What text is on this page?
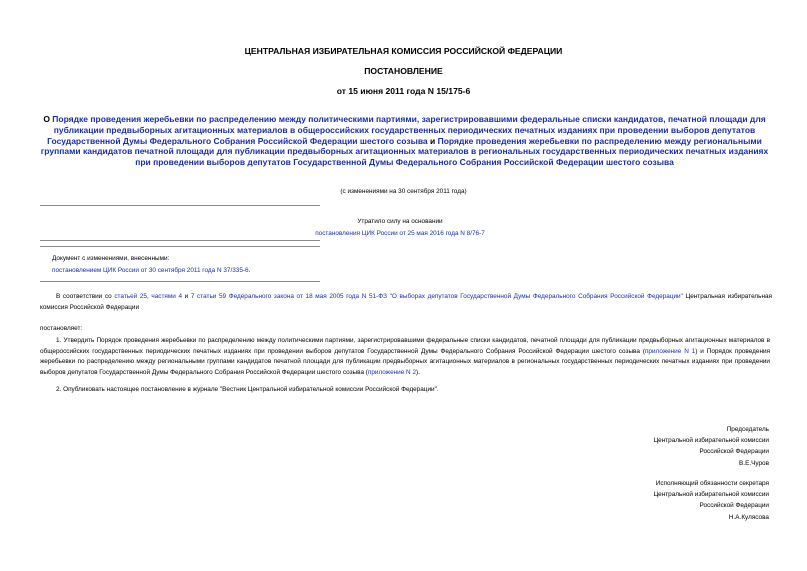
ЦЕНТРАЛЬНАЯ ИЗБИРАТЕЛЬНАЯ КОМИССИЯ РОССИЙСКОЙ ФЕДЕРАЦИИ
ПОСТАНОВЛЕНИЕ
от 15 июня 2011 года N 15/175-6
О Порядке проведения жеребьевки по распределению между политическими партиями, зарегистрировавшими федеральные списки кандидатов, печатной площади для публикации предвыборных агитационных материалов в общероссийских государственных периодических печатных изданиях при проведении выборов депутатов Государственной Думы Федерального Собрания Российской Федерации шестого созыва и Порядке проведения жеребьевки по распределению между региональными группами кандидатов печатной площади для публикации предвыборных агитационных материалов в региональных государственных периодических печатных изданиях при проведении выборов депутатов Государственной Думы Федерального Собрания Российской Федерации шестого созыва
(с изменениями на 30 сентября 2011 года)
Утратило силу на основании
постановления ЦИК России от 25 мая 2016 года N 8/76-7
Документ с изменениями, внесенными:
постановлением ЦИК России от 30 сентября 2011 года N 37/335-6.
В соответствии со статьей 25, частями 4 и 7 статьи 59 Федерального закона от 18 мая 2005 года N 51-ФЗ "О выборах депутатов Государственной Думы Федерального Собрания Российской Федерации" Центральная избирательная комиссия Российской Федерации
постановляет:
1. Утвердить Порядок проведения жеребьевки по распределению между политическими партиями, зарегистрировавшими федеральные списки кандидатов, печатной площади для публикации предвыборных агитационных материалов в общероссийских государственных периодических печатных изданиях при проведении выборов депутатов Государственной Думы Федерального Собрания Российской Федерации шестого созыва (приложение N 1) и Порядок проведения жеребьевки по распределению между региональными группами кандидатов печатной площади для публикации предвыборных агитационных материалов в региональных государственных периодических печатных изданиях при проведении выборов депутатов Государственной Думы Федерального Собрания Российской Федерации шестого созыва (приложение N 2).
2. Опубликовать настоящее постановление в журнале "Вестник Центральной избирательной комиссии Российской Федерации".
Председатель
Центральной избирательной комиссии
Российской Федерации
В.Е.Чуров
Исполняющий обязанности секретаря
Центральной избирательной комиссии
Российской Федерации
Н.А.Кулясова
